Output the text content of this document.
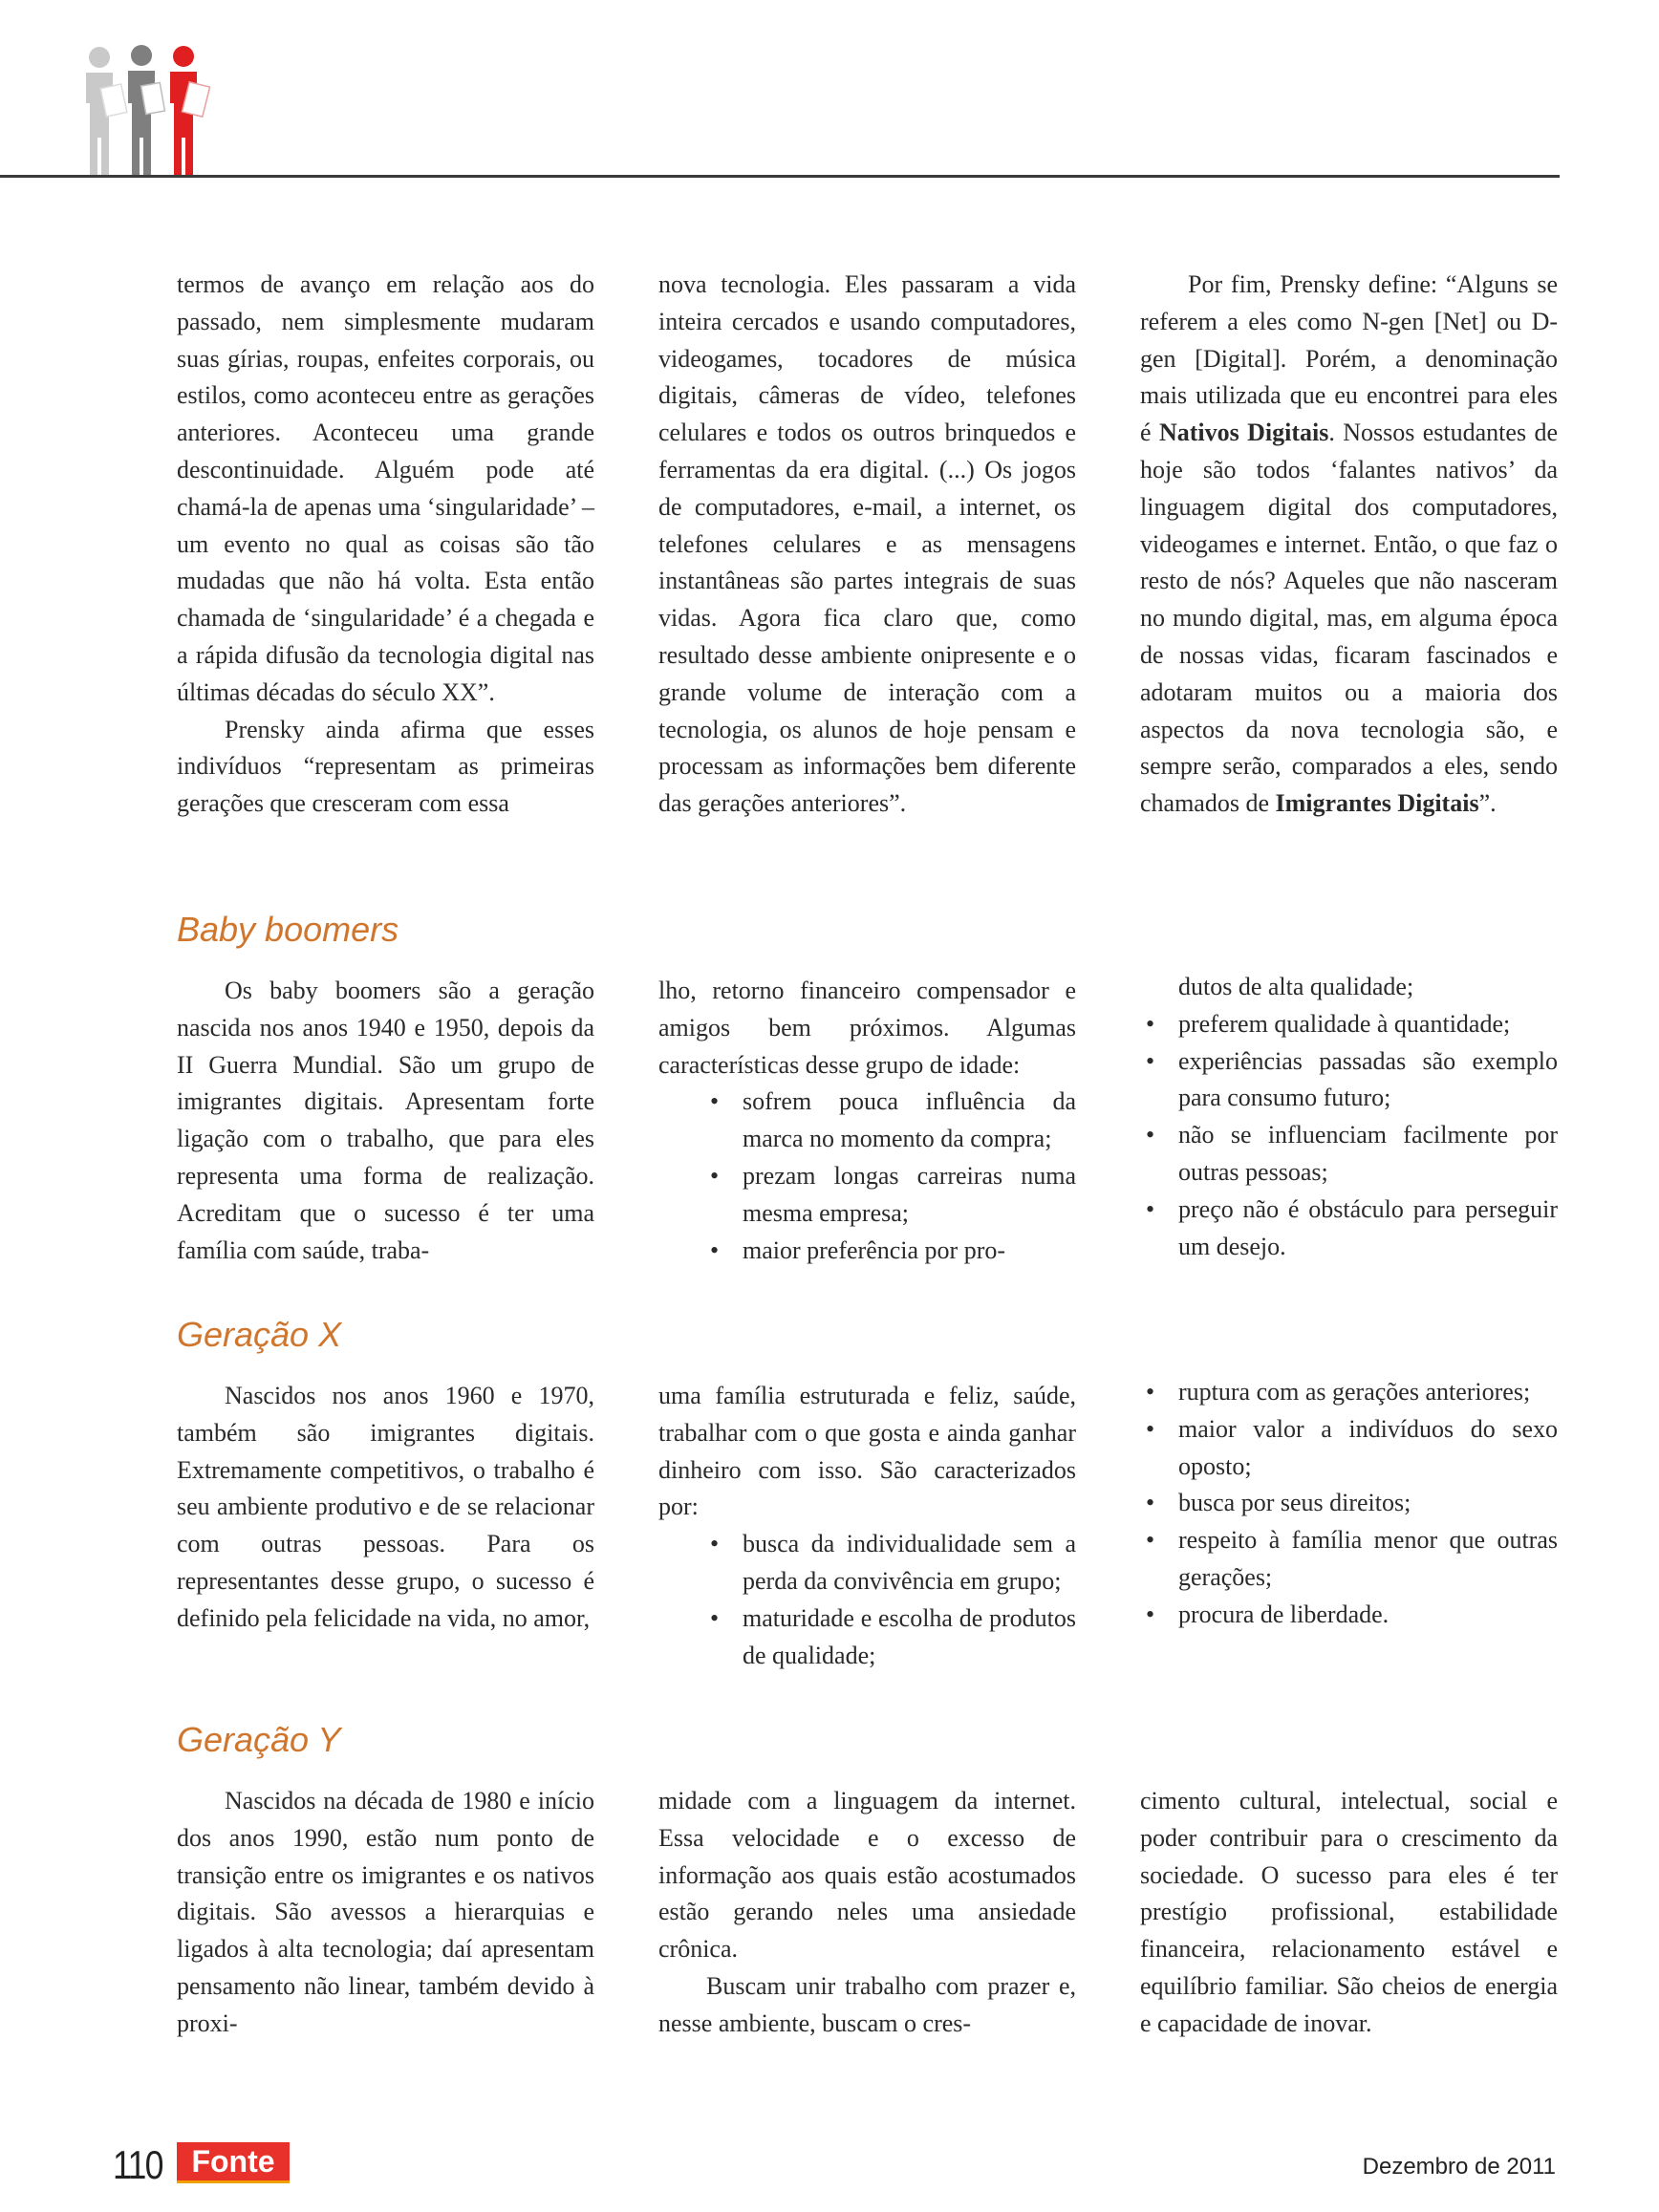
termos de avanço em relação aos do passado, nem simplesmente mudaram suas gírias, roupas, enfeites corporais, ou estilos, como aconteceu entre as gerações anteriores. Aconteceu uma grande descontinuidade. Alguém pode até chamá-la de apenas uma ‘singularidade’ – um evento no qual as coisas são tão mudadas que não há volta. Esta então chamada de ‘singularidade’ é a chegada e a rápida difusão da tecnologia digital nas últimas décadas do século XX”.

Prensky ainda afirma que esses indivíduos “representam as primeiras gerações que cresceram com essa

nova tecnologia. Eles passaram a vida inteira cercados e usando computadores, videogames, tocadores de música digitais, câmeras de vídeo, telefones celulares e todos os outros brinquedos e ferramentas da era digital. (...) Os jogos de computadores, e-mail, a internet, os telefones celulares e as mensagens instantâneas são partes integrais de suas vidas. Agora fica claro que, como resultado desse ambiente onipresente e o grande volume de interação com a tecnologia, os alunos de hoje pensam e processam as informações bem diferente das gerações anteriores”.

Por fim, Prensky define: “Alguns se referem a eles como N-gen [Net] ou D-gen [Digital]. Porém, a denominação mais utilizada que eu encontrei para eles é Nativos Digitais. Nossos estudantes de hoje são todos ‘falantes nativos’ da linguagem digital dos computadores, videogames e internet. Então, o que faz o resto de nós? Aqueles que não nasceram no mundo digital, mas, em alguma época de nossas vidas, ficaram fascinados e adotaram muitos ou a maioria dos aspectos da nova tecnologia são, e sempre serão, comparados a eles, sendo chamados de Imigrantes Digitais”.

Baby boomers

Os baby boomers são a geração nascida nos anos 1940 e 1950, depois da II Guerra Mundial. São um grupo de imigrantes digitais. Apresentam forte ligação com o trabalho, que para eles representa uma forma de realização. Acreditam que o sucesso é ter uma família com saúde, traba-

lho, retorno financeiro compensador e amigos bem próximos. Algumas características desse grupo de idade:

• sofrem pouca influência da marca no momento da compra;
• prezam longas carreiras numa mesma empresa;
• maior preferência por pro-

dutos de alta qualidade;

• preferem qualidade à quantidade;
• experiências passadas são exemplo para consumo futuro;
• não se influenciam facilmente por outras pessoas;
• preço não é obstáculo para perseguir um desejo.
Geração X

Nascidos nos anos 1960 e 1970, também são imigrantes digitais. Extremamente competitivos, o trabalho é seu ambiente produtivo e de se relacionar com outras pessoas. Para os representantes desse grupo, o sucesso é definido pela felicidade na vida, no amor,

uma família estruturada e feliz, saúde, trabalhar com o que gosta e ainda ganhar dinheiro com isso. São caracterizados por:

• busca da individualidade sem a perda da convivência em grupo;
• maturidade e escolha de produtos de qualidade;
• ruptura com as gerações anteriores;
• maior valor a indivíduos do sexo oposto;
• busca por seus direitos;
• respeito à família menor que outras gerações;
• procura de liberdade.
Geração Y

Nascidos na década de 1980 e início dos anos 1990, estão num ponto de transição entre os imigrantes e os nativos digitais. São avessos a hierarquias e ligados à alta tecnologia; daí apresentam pensamento não linear, também devido à proxi-

midade com a linguagem da internet. Essa velocidade e o excesso de informação aos quais estão acostumados estão gerando neles uma ansiedade crônica.

Buscam unir trabalho com prazer e, nesse ambiente, buscam o cres-

cimento cultural, intelectual, social e poder contribuir para o crescimento da sociedade. O sucesso para eles é ter prestígio profissional, estabilidade financeira, relacionamento estável e equilíbrio familiar. São cheios de energia e capacidade de inovar.

110 Fonte	Dezembro de 2011
